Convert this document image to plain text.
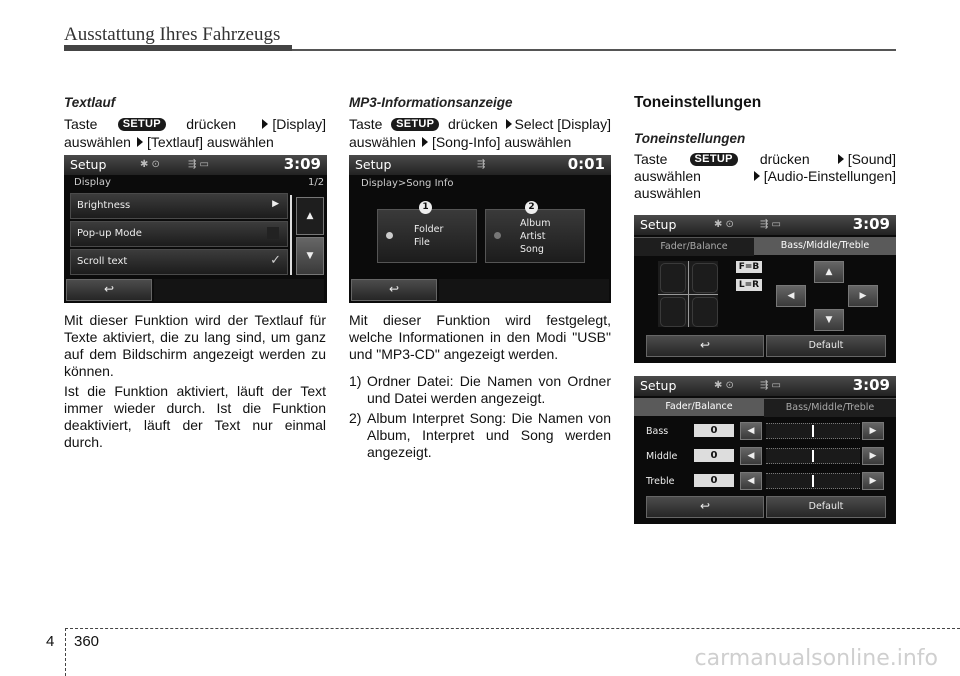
Ausstattung Ihres Fahrzeugs
Textlauf
Taste	SETUP	drücken	[Display]
auswählen [Textlauf] auswählen
Setup	✱ ⊙	⇶ ▭	3:09
Display	1/2
Brightness	▶
Pop-up Mode
Scroll text	✓
▲
▼
↩

Mit dieser Funktion wird der Textlauf für Texte aktiviert, die zu lang sind, um ganz auf dem Bildschirm angezeigt werden zu können.

Ist die Funktion aktiviert, läuft der Text immer wieder durch. Ist die Funktion deaktiviert, läuft der Text nur einmal durch.

MP3-Informationsanzeige
Taste	SETUP drücken	Select [Display]
auswählen [Song-Info] auswählen
Setup	⇶	0:01
Display>Song Info
Folder
File
Album
Artist
Song
1	2
↩

Mit dieser Funktion wird festgelegt, welche Informationen in den Modi "USB" und "MP3-CD" angezeigt werden.

1) Ordner Datei: Die Namen von Ordner und Datei werden angezeigt.
2) Album Interpret Song: Die Namen von Album, Interpret und Song werden angezeigt.
Toneinstellungen
Toneinstellungen
Taste	SETUP	drücken	[Sound]
auswählen	[Audio-Einstellungen]
auswählen
Setup	✱ ⊙	⇶ ▭	3:09
Fader/Balance	Bass/Middle/Treble
F=B
L=R
▲
◀	▶
▼
↩	Default
Setup	✱ ⊙	⇶ ▭	3:09
Fader/Balance	Bass/Middle/Treble
Bass	0	◀	▶
Middle	0	◀	▶
Treble	0	◀	▶
↩	Default
4 360
carmanualsonline.info
